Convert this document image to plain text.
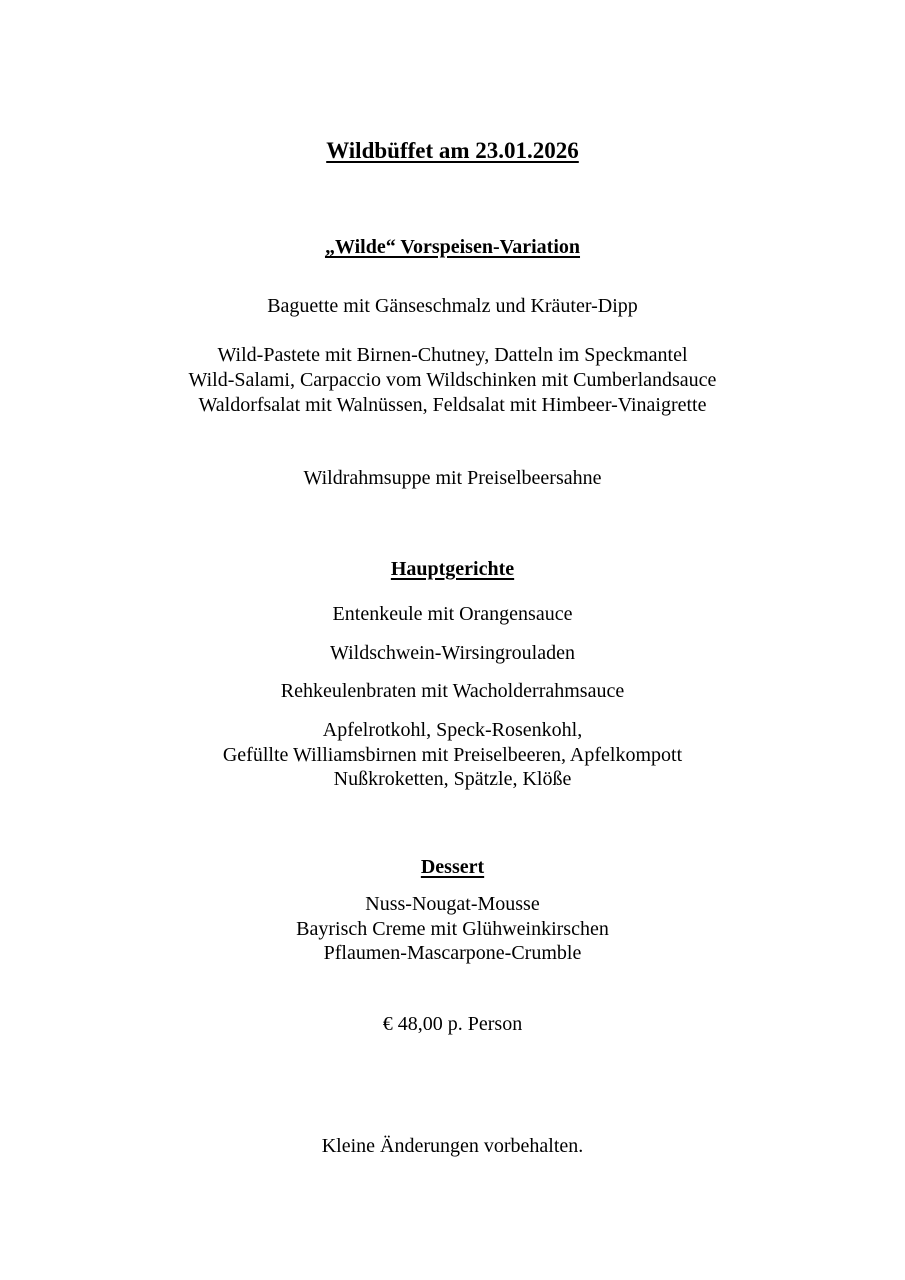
Wildbüffet am 23.01.2026
„Wilde“ Vorspeisen-Variation
Baguette mit Gänseschmalz und Kräuter-Dipp
Wild-Pastete mit Birnen-Chutney, Datteln im Speckmantel
Wild-Salami, Carpaccio vom Wildschinken mit Cumberlandsauce
Waldorfsalat mit Walnüssen, Feldsalat mit Himbeer-Vinaigrette
Wildrahmsuppe mit Preiselbeersahne
Hauptgerichte
Entenkeule mit Orangensauce
Wildschwein-Wirsingrouladen
Rehkeulenbraten mit Wacholderrahmsauce
Apfelrotkohl, Speck-Rosenkohl,
Gefüllte Williamsbirnen mit Preiselbeeren, Apfelkompott
Nußkroketten, Spätzle, Klöße
Dessert
Nuss-Nougat-Mousse
Bayrisch Creme mit Glühweinkirschen
Pflaumen-Mascarpone-Crumble
€ 48,00 p. Person
Kleine Änderungen vorbehalten.
